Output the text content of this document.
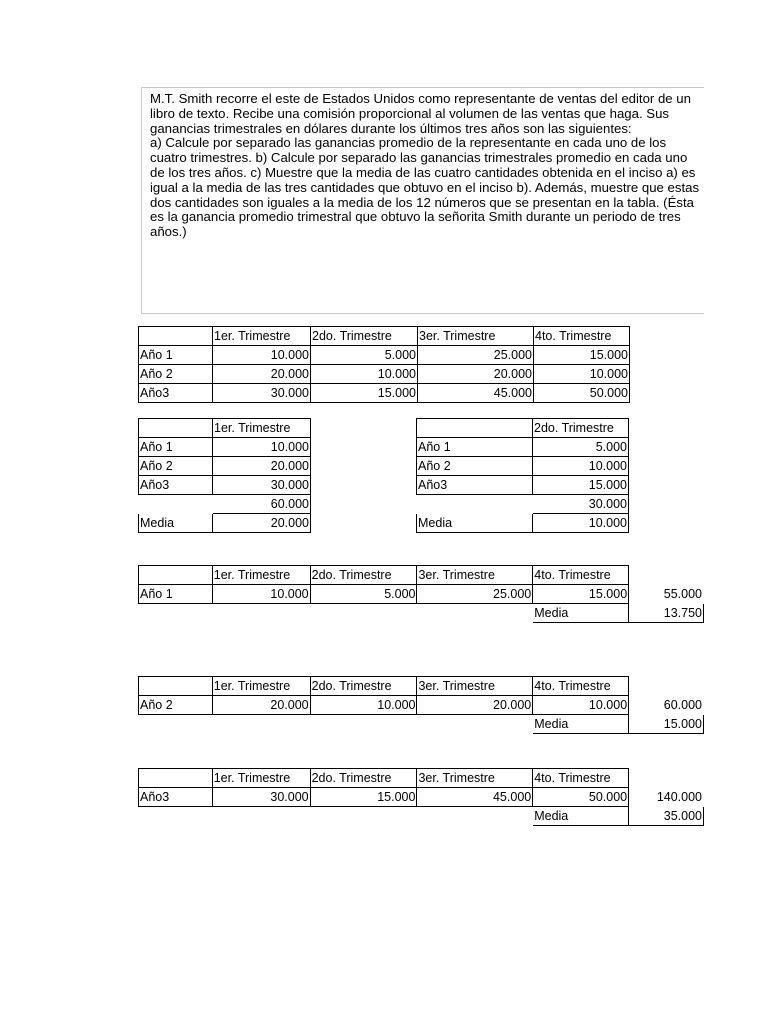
M.T. Smith recorre el este de Estados Unidos como representante de ventas del editor de un
libro de texto. Recibe una comisión proporcional al volumen de las ventas que haga. Sus
ganancias trimestrales en dólares durante los últimos tres años son las siguientes:
a) Calcule por separado las ganancias promedio de la representante en cada uno de los
cuatro trimestres. b) Calcule por separado las ganancias trimestrales promedio en cada uno
de los tres años. c) Muestre que la media de las cuatro cantidades obtenida en el inciso a) es
igual a la media de las tres cantidades que obtuvo en el inciso b). Además, muestre que estas
dos cantidades son iguales a la media de los 12 números que se presentan en la tabla. (Ésta
es la ganancia promedio trimestral que obtuvo la señorita Smith durante un periodo de tres
años.)
	1er. Trimestre	2do. Trimestre	3er. Trimestre	4to. Trimestre
Año 1	10.000	5.000	25.000	15.000
Año 2	20.000	10.000	20.000	10.000
Año3	30.000	15.000	45.000	50.000
	1er. Trimestre
Año 1	10.000
Año 2	20.000
Año3	30.000
	60.000
Media	20.000
	2do. Trimestre
Año 1	5.000
Año 2	10.000
Año3	15.000
	30.000
Media	10.000
	1er. Trimestre	2do. Trimestre	3er. Trimestre	4to. Trimestre	
Año 1	10.000	5.000	25.000	15.000	55.000
				Media	13.750
	1er. Trimestre	2do. Trimestre	3er. Trimestre	4to. Trimestre	
Año 2	20.000	10.000	20.000	10.000	60.000
				Media	15.000
	1er. Trimestre	2do. Trimestre	3er. Trimestre	4to. Trimestre	
Año3	30.000	15.000	45.000	50.000	140.000
				Media	35.000
